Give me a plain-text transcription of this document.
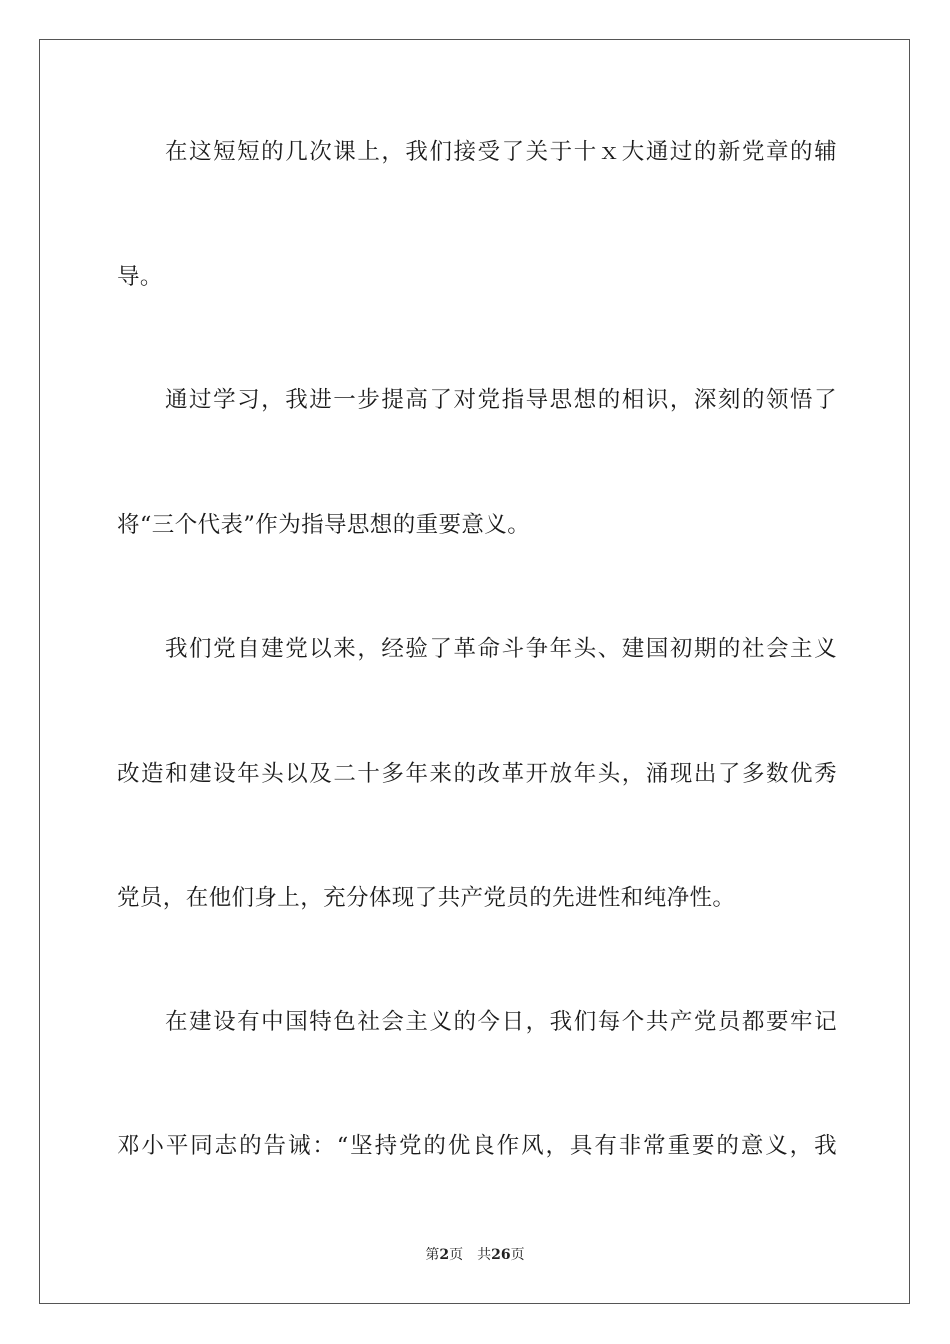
在这短短的几次课上，我们接受了关于十ｘ大通过的新党章的辅
导。
通过学习，我进一步提高了对党指导思想的相识，深刻的领悟了
将“三个代表”作为指导思想的重要意义。
我们党自建党以来，经验了革命斗争年头、建国初期的社会主义
改造和建设年头以及二十多年来的改革开放年头，涌现出了多数优秀
党员，在他们身上，充分体现了共产党员的先进性和纯净性。
在建设有中国特色社会主义的今日，我们每个共产党员都要牢记
邓小平同志的告诫：“坚持党的优良作风，具有非常重要的意义，我
第2页 共26页
